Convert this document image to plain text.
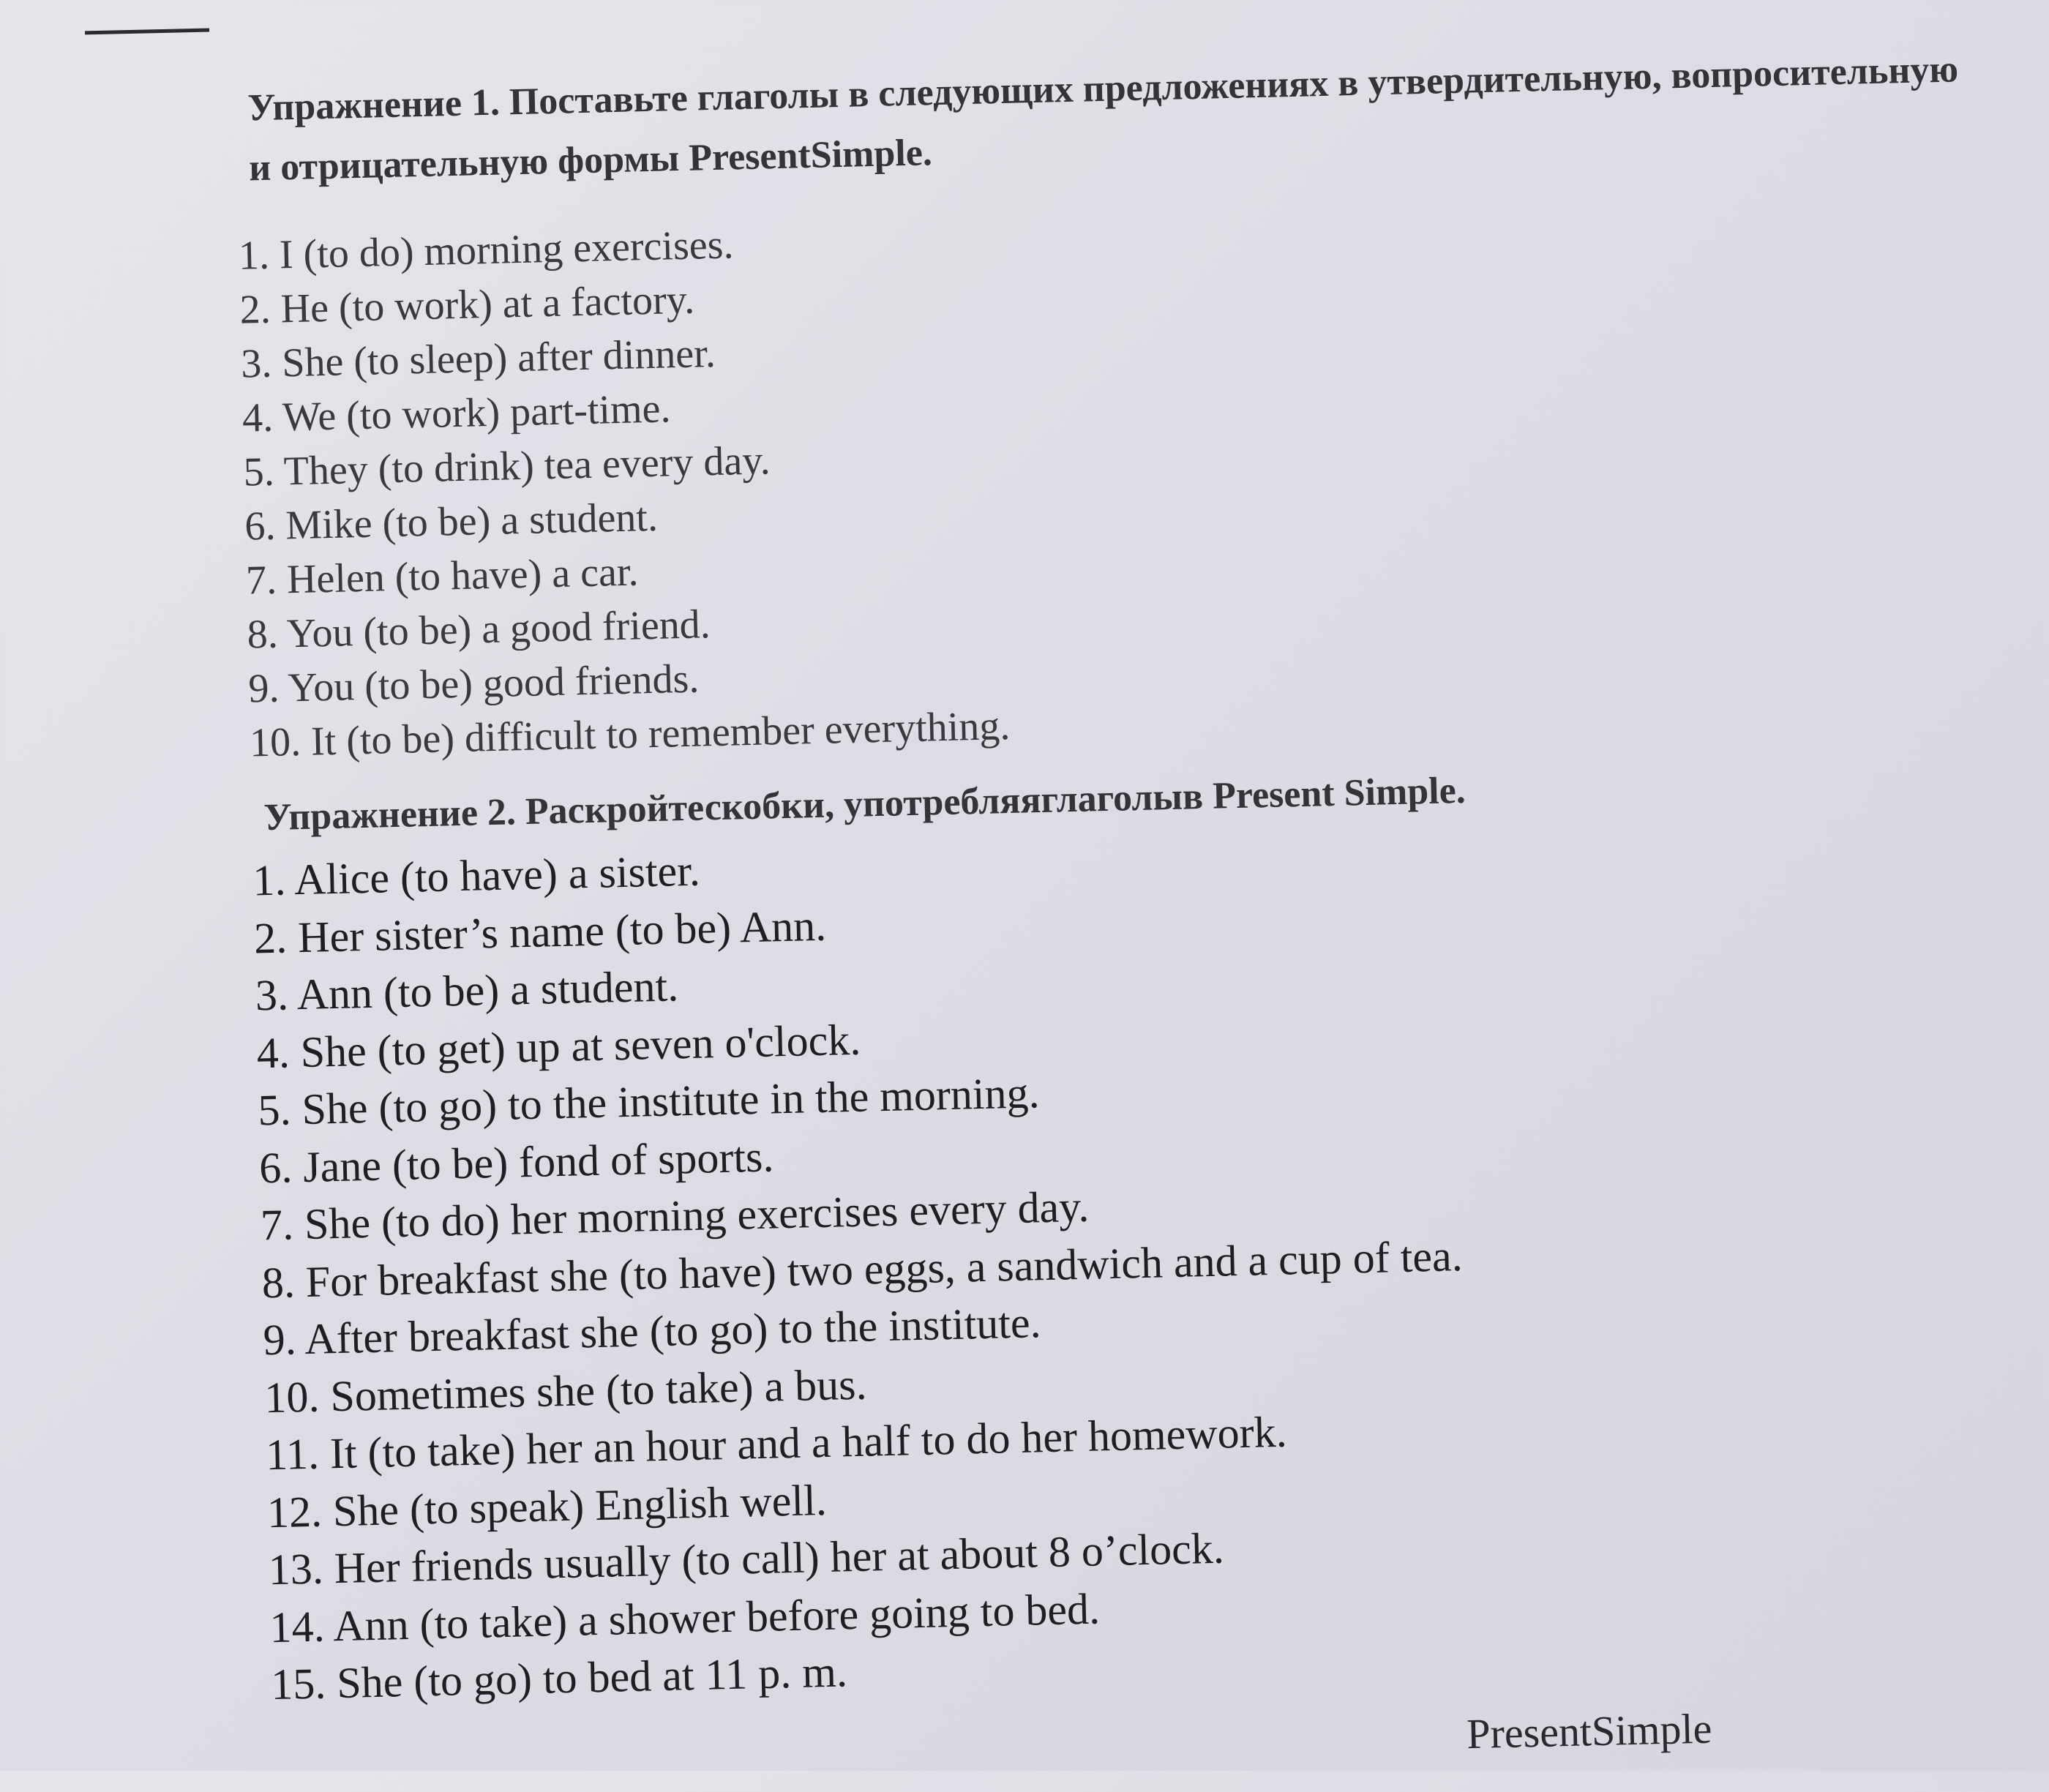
Упражнение 1. Поставьте глаголы в следующих предложениях в утвердительную, вопросительную и отрицательную формы PresentSimple.

1. I (to do) morning exercises.
2. He (to work) at a factory.
3. She (to sleep) after dinner.
4. We (to work) part-time.
5. They (to drink) tea every day.
6. Mike (to be) a student.
7. Helen (to have) a car.
8. You (to be) a good friend.
9. You (to be) good friends.
10. It (to be) difficult to remember everything.

Упражнение 2. Раскройтескобки, употребляяглаголыв Present Simple.

1. Alice (to have) a sister.
2. Her sister’s name (to be) Ann.
3. Ann (to be) a student.
4. She (to get) up at seven o'clock.
5. She (to go) to the institute in the morning.
6. Jane (to be) fond of sports.
7. She (to do) her morning exercises every day.
8. For breakfast she (to have) two eggs, a sandwich and a cup of tea.
9. After breakfast she (to go) to the institute.
10. Sometimes she (to take) a bus.
11. It (to take) her an hour and a half to do her homework.
12. She (to speak) English well.
13. Her friends usually (to call) her at about 8 o’clock.
14. Ann (to take) a shower before going to bed.
15. She (to go) to bed at 11 p. m.
PresentSimple
